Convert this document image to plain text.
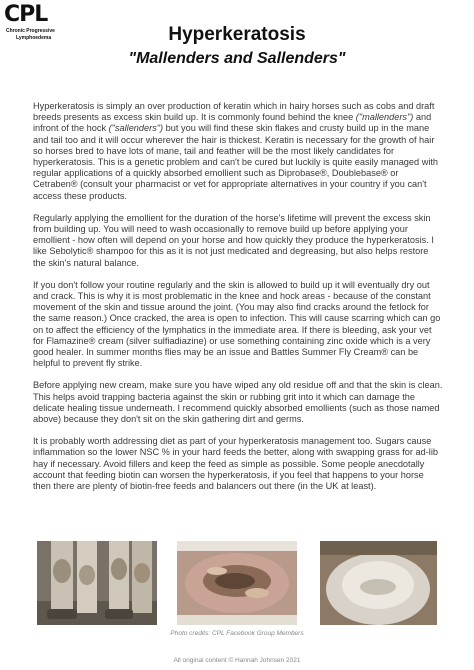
CPL
Chronic Progressive
Lymphoedema	Hyperkeratosis
"Mallenders and Sallenders"

Hyperkeratosis is simply an over production of keratin which in hairy horses such as cobs and draft breeds presents as excess skin build up. It is commonly found behind the knee ("mallenders") and infront of the hock ("sallenders") but you will find these skin flakes and crusty build up in the mane and tail too and it will occur wherever the hair is thickest. Keratin is necessary for the growth of hair so horses bred to have lots of mane, tail and feather will be the most likely candidates for hyperkeratosis. This is a genetic problem and can't be cured but luckily is quite easily managed with regular applications of a quickly absorbed emollient such as Diprobase®, Doublebase® or Cetraben® (consult your pharmacist or vet for appropriate alternatives in your country if you can't access these products.

Regularly applying the emollient for the duration of the horse's lifetime will prevent the excess skin from building up. You will need to wash occasionally to remove build up before applying your emollient - how often will depend on your horse and how quickly they produce the hyperkeratosis. I like Sebolytic® shampoo for this as it is not just medicated and degreasing, but also helps restore the skin's natural balance.

If you don't follow your routine regularly and the skin is allowed to build up it will eventually dry out and crack. This is why it is most problematic in the knee and hock areas - because of the constant movement of the skin and tissue around the joint. (You may also find cracks around the fetlock for the same reason.) Once cracked, the area is open to infection. This will cause scarring which can go on to affect the efficiency of the lymphatics in the immediate area. If there is bleeding, ask your vet for Flamazine® cream (silver sulfiadiazine) or use something containing zinc oxide which is a very good healer. In summer months flies may be an issue and Battles Summer Fly Cream® can be helpful to prevent fly strike.

Before applying new cream, make sure you have wiped any old residue off and that the skin is clean. This helps avoid trapping bacteria against the skin or rubbing grit into it which can damage the delicate healing tissue underneath. I recommend quickly absorbed emollients (such as those named above) because they don't sit on the skin gathering dirt and germs.

It is probably worth addressing diet as part of your hyperkeratosis management too. Sugars cause inflammation so the lower NSC % in your hard feeds the better, along with swapping grass for ad-lib hay if necessary. Avoid fillers and keep the feed as simple as possible. Some people anecdotally account that feeding biotin can worsen the hyperkeratosis, if you feel that happens to your horse then there are plenty of biotin-free feeds and balancers out there (in the UK at least).

Photo credits: CPL Facebook Group Members
All original content © Hannah Johnsen 2021
